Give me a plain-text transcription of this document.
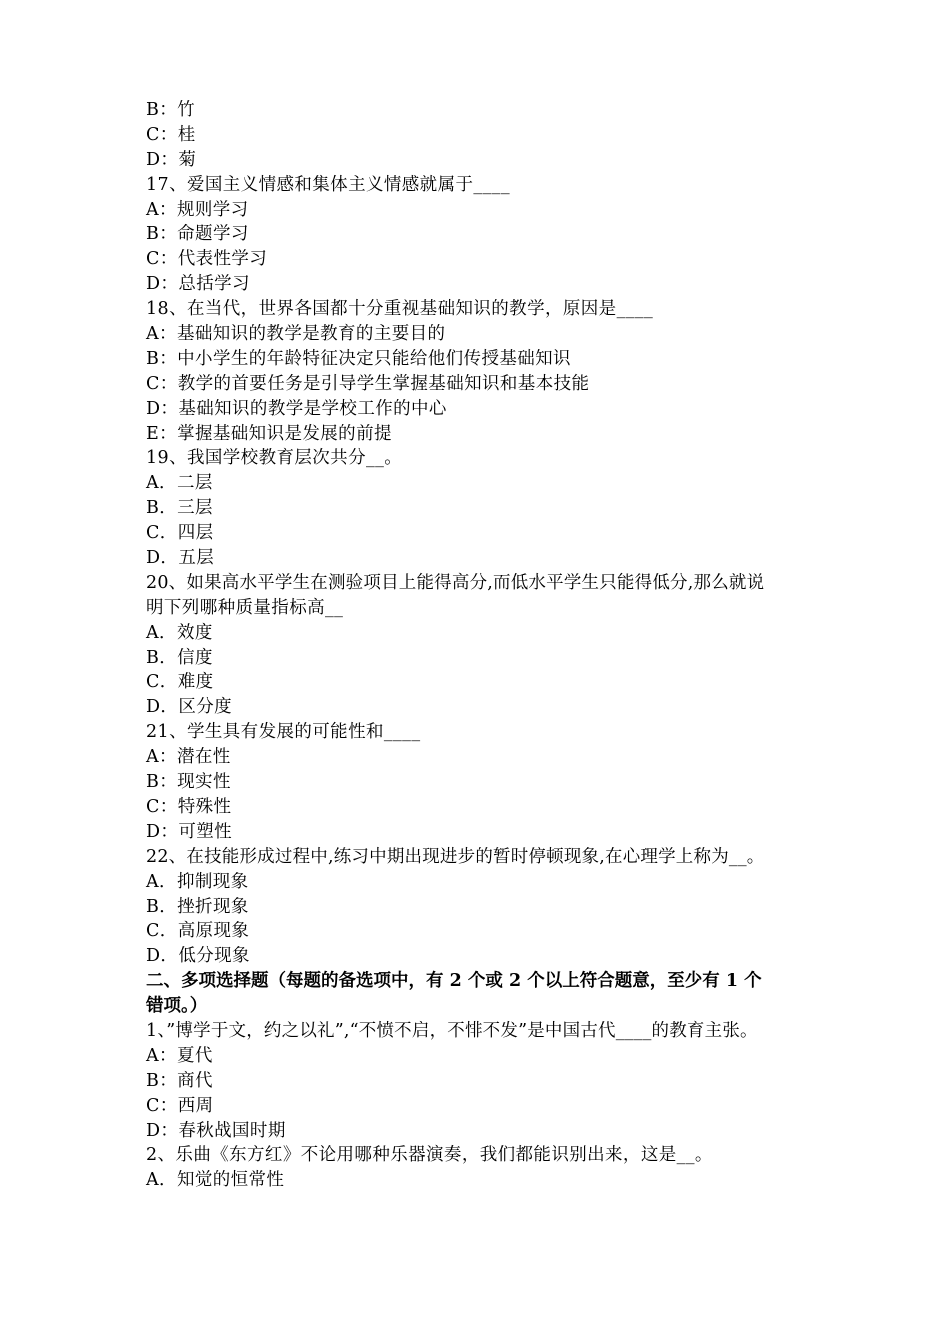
B：竹
C：桂
D：菊
17、爱国主义情感和集体主义情感就属于____
A：规则学习
B：命题学习
C：代表性学习
D：总括学习
18、在当代，世界各国都十分重视基础知识的教学，原因是____
A：基础知识的教学是教育的主要目的
B：中小学生的年龄特征决定只能给他们传授基础知识
C：教学的首要任务是引导学生掌握基础知识和基本技能
D：基础知识的教学是学校工作的中心
E：掌握基础知识是发展的前提
19、我国学校教育层次共分__。
A．二层
B．三层
C．四层
D．五层
20、如果高水平学生在测验项目上能得高分,而低水平学生只能得低分,那么就说
明下列哪种质量指标高__
A．效度
B．信度
C．难度
D．区分度
21、学生具有发展的可能性和____
A：潜在性
B：现实性
C：特殊性
D：可塑性
22、在技能形成过程中,练习中期出现进步的暂时停顿现象,在心理学上称为__。
A．抑制现象
B．挫折现象
C．高原现象
D．低分现象
二、多项选择题（每题的备选项中，有 2 个或 2 个以上符合题意，至少有 1 个
错项。）
1、”博学于文，约之以礼”,“不愤不启，不悱不发”是中国古代____的教育主张。
A：夏代
B：商代
C：西周
D：春秋战国时期
2、乐曲《东方红》不论用哪种乐器演奏，我们都能识别出来，这是__。
A．知觉的恒常性
